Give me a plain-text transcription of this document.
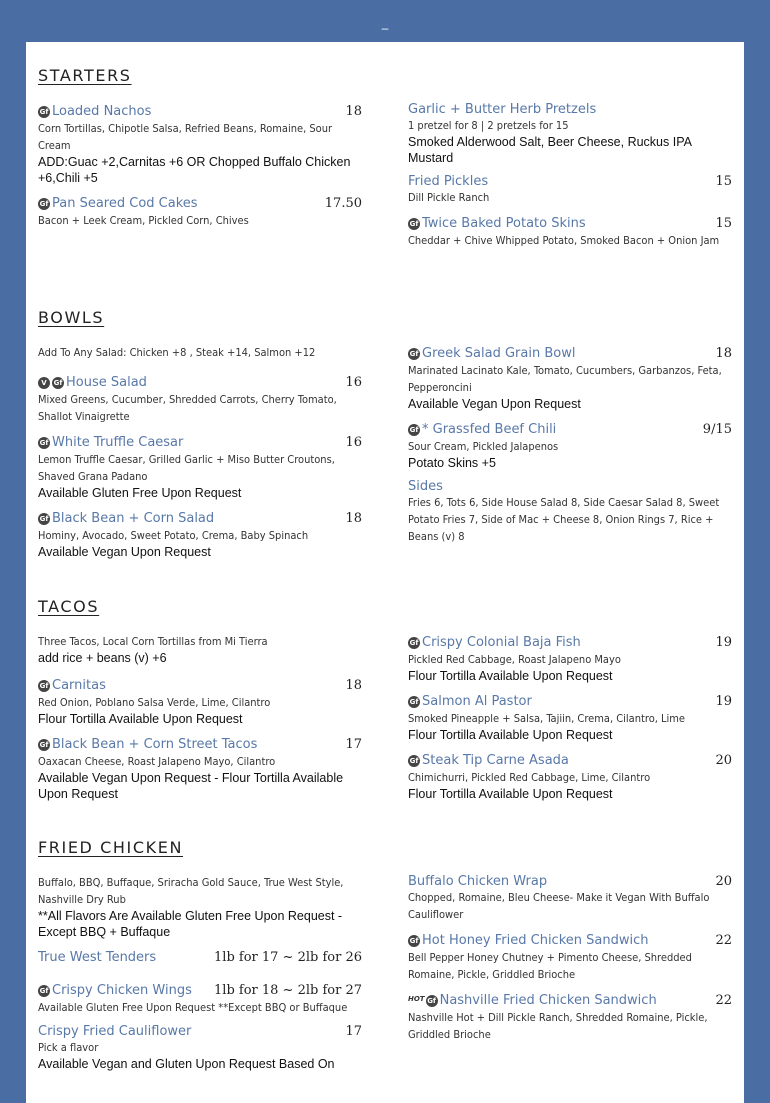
–
STARTERS
Gf Loaded Nachos	18
Corn Tortillas, Chipotle Salsa, Refried Beans, Romaine, Sour Cream
ADD:Guac +2,Carnitas +6 OR Chopped Buffalo Chicken +6,Chili +5
Gf Pan Seared Cod Cakes	17.50
Bacon + Leek Cream, Pickled Corn, Chives
Garlic + Butter Herb Pretzels
1 pretzel for 8 | 2 pretzels for 15
Smoked Alderwood Salt, Beer Cheese, Ruckus IPA Mustard
Fried Pickles	15
Dill Pickle Ranch
Gf Twice Baked Potato Skins	15
Cheddar + Chive Whipped Potato, Smoked Bacon + Onion Jam
BOWLS
Add To Any Salad: Chicken +8 , Steak +14, Salmon +12
V Gf House Salad	16
Mixed Greens, Cucumber, Shredded Carrots, Cherry Tomato, Shallot Vinaigrette
Gf White Truffle Caesar	16
Lemon Truffle Caesar, Grilled Garlic + Miso Butter Croutons, Shaved Grana Padano
Available Gluten Free Upon Request
Gf Black Bean + Corn Salad	18
Hominy, Avocado, Sweet Potato, Crema, Baby Spinach
Available Vegan Upon Request
Gf Greek Salad Grain Bowl	18
Marinated Lacinato Kale, Tomato, Cucumbers, Garbanzos, Feta, Pepperoncini
Available Vegan Upon Request
Gf * Grassfed Beef Chili	9/15
Sour Cream, Pickled Jalapenos
Potato Skins +5
Sides
Fries 6, Tots 6, Side House Salad 8, Side Caesar Salad 8, Sweet Potato Fries 7, Side of Mac + Cheese 8, Onion Rings 7, Rice + Beans (v) 8
TACOS
Three Tacos, Local Corn Tortillas from Mi Tierra
add rice + beans (v) +6
Gf Carnitas	18
Red Onion, Poblano Salsa Verde, Lime, Cilantro
Flour Tortilla Available Upon Request
Gf Black Bean + Corn Street Tacos	17
Oaxacan Cheese, Roast Jalapeno Mayo, Cilantro
Available Vegan Upon Request - Flour Tortilla Available Upon Request
Gf Crispy Colonial Baja Fish	19
Pickled Red Cabbage, Roast Jalapeno Mayo
Flour Tortilla Available Upon Request
Gf Salmon Al Pastor	19
Smoked Pineapple + Salsa, Tajiin, Crema, Cilantro, Lime
Flour Tortilla Available Upon Request
Gf Steak Tip Carne Asada	20
Chimichurri, Pickled Red Cabbage, Lime, Cilantro
Flour Tortilla Available Upon Request
FRIED CHICKEN
Buffalo, BBQ, Buffaque, Sriracha Gold Sauce, True West Style, Nashville Dry Rub
**All Flavors Are Available Gluten Free Upon Request - Except BBQ + Buffaque
True West Tenders	1lb for 17 ~ 2lb for 26
Gf Crispy Chicken Wings 1lb for 18 ~ 2lb for 27
Available Gluten Free Upon Request **Except BBQ or Buffaque
Crispy Fried Cauliflower	17
Pick a flavor
Available Vegan and Gluten Upon Request Based On
Buffalo Chicken Wrap	20
Chopped, Romaine, Bleu Cheese- Make it Vegan With Buffalo Cauliflower
Gf Hot Honey Fried Chicken Sandwich	22
Bell Pepper Honey Chutney + Pimento Cheese, Shredded Romaine, Pickle, Griddled Brioche
HOT Gf Nashville Fried Chicken Sandwich	22
Nashville Hot + Dill Pickle Ranch, Shredded Romaine, Pickle, Griddled Brioche
